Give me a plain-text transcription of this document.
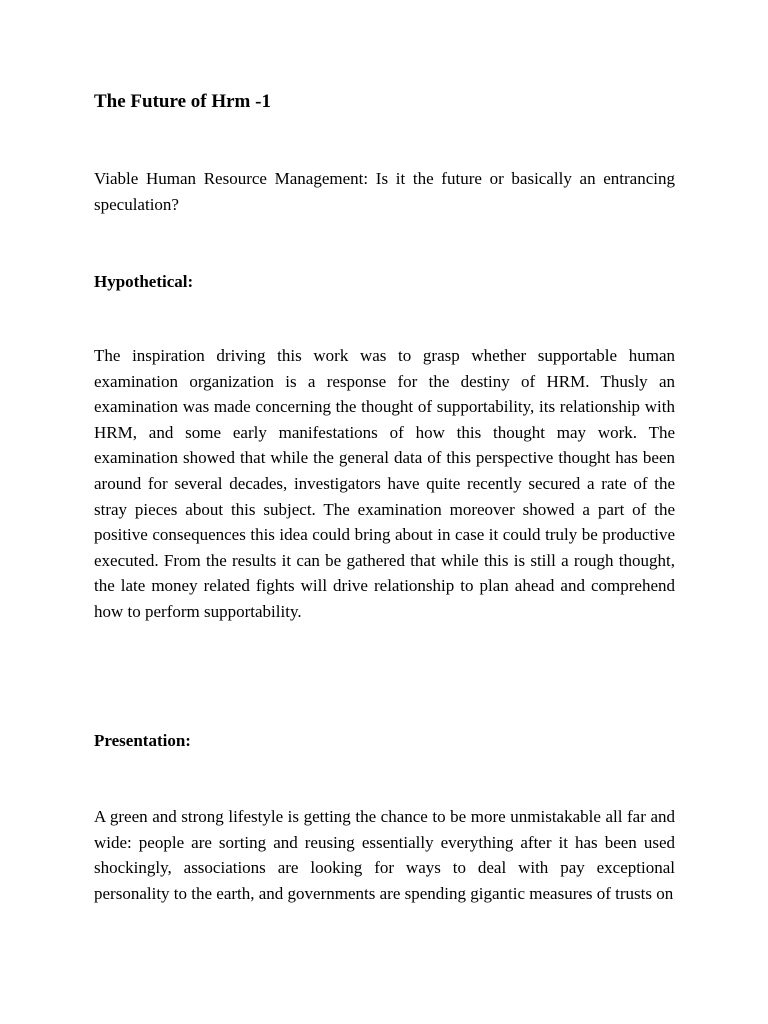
The Future of Hrm -1

Viable Human Resource Management: Is it the future or basically an entrancing speculation?

Hypothetical:

The inspiration driving this work was to grasp whether supportable human examination organization is a response for the destiny of HRM. Thusly an examination was made concerning the thought of supportability, its relationship with HRM, and some early manifestations of how this thought may work. The examination showed that while the general data of this perspective thought has been around for several decades, investigators have quite recently secured a rate of the stray pieces about this subject. The examination moreover showed a part of the positive consequences this idea could bring about in case it could truly be productive executed. From the results it can be gathered that while this is still a rough thought, the late money related fights will drive relationship to plan ahead and comprehend how to perform supportability.

Presentation:

A green and strong lifestyle is getting the chance to be more unmistakable all far and wide: people are sorting and reusing essentially everything after it has been used shockingly, associations are looking for ways to deal with pay exceptional personality to the earth, and governments are spending gigantic measures of trusts on
